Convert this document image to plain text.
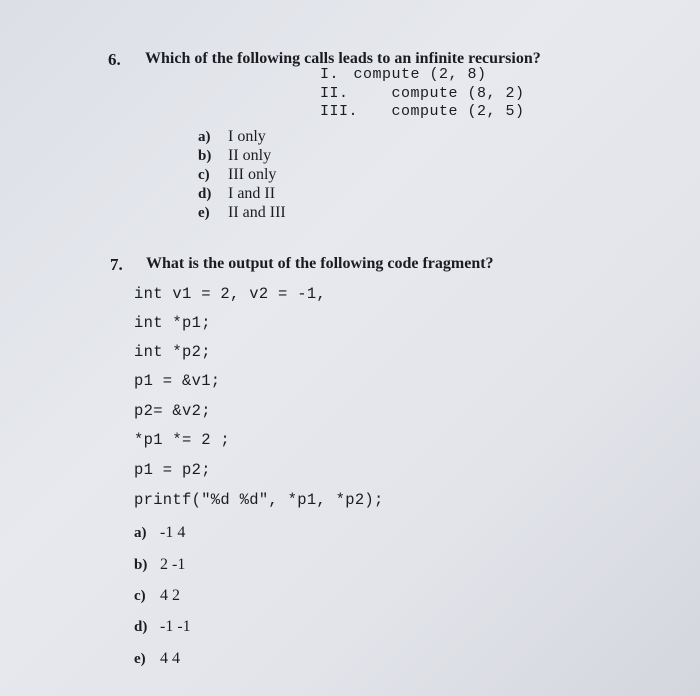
6. Which of the following calls leads to an infinite recursion?
I. compute (2, 8)
II.	compute (8, 2)
III. compute (2, 5)
a) I only
b) II only
c) III only
d) I and II
e) II and III
7. What is the output of the following code fragment?
int v1 = 2, v2 = -1,
int *p1;
int *p2;
p1 = &v1;
p2= &v2;
*p1 *= 2 ;
p1 = p2;
printf("%d %d", *p1, *p2);
a) -1 4
b) 2 -1
c) 4 2
d) -1 -1
e) 4 4
